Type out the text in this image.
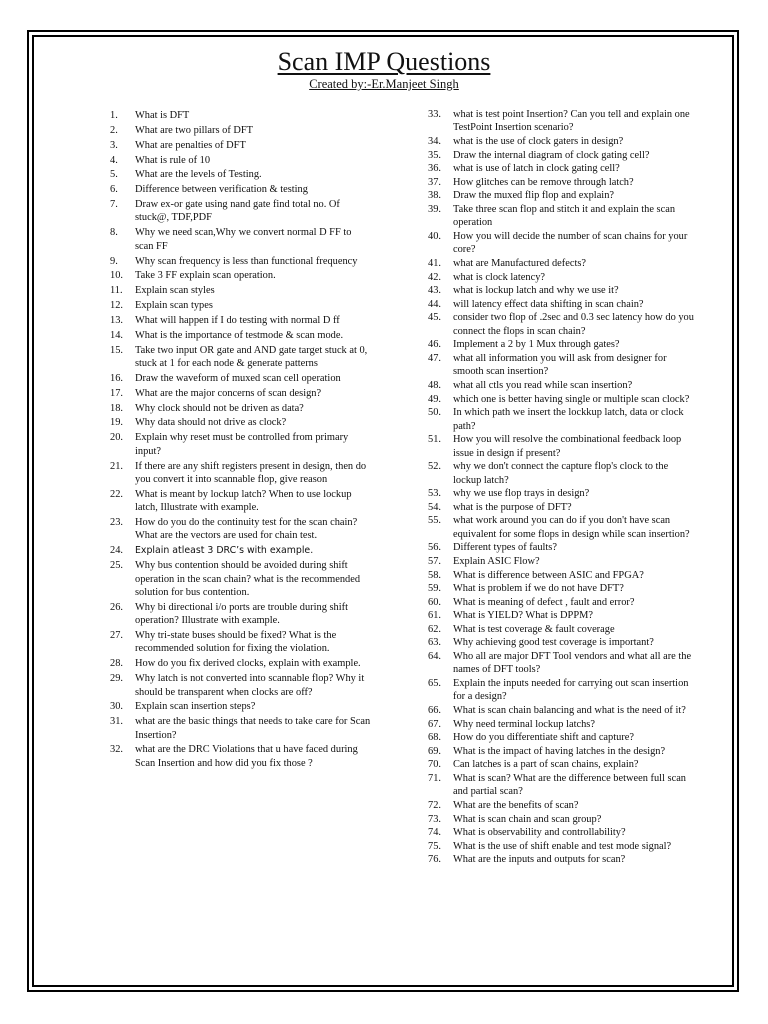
Scan IMP Questions
Created by:-Er.Manjeet Singh
1. What is DFT
2. What are two pillars of DFT
3. What are penalties of DFT
4. What is rule of 10
5. What are the levels of Testing.
6. Difference between verification & testing
7. Draw ex-or gate using nand gate find total no. Of stuck@, TDF,PDF
8. Why we need scan,Why we convert normal D FF to scan FF
9. Why scan frequency is less than functional frequency
10. Take 3 FF explain scan operation.
11. Explain scan styles
12. Explain scan types
13. What will happen if I do testing with normal D ff
14. What is the importance of testmode & scan mode.
15. Take two input OR gate and AND gate target stuck at 0, stuck at 1 for each node & generate patterns
16. Draw the waveform of muxed scan cell operation
17. What are the major concerns of scan design?
18. Why clock should not be driven as data?
19. Why data should not drive as clock?
20. Explain why reset must be controlled from primary input?
21. If there are any shift registers present in design, then do you convert it into scannable flop, give reason
22. What is meant by lockup latch? When to use lockup latch, Illustrate with example.
23. How do you do the continuity test for the scan chain? What are the vectors are used for chain test.
24. Explain atleast 3 DRC’s with example.
25. Why bus contention should be avoided during shift operation in the scan chain? what is the recommended solution for bus contention.
26. Why bi directional i/o ports are trouble during shift operation? Illustrate with example.
27. Why tri-state buses should be fixed? What is the recommended solution for fixing the violation.
28. How do you fix derived clocks, explain with example.
29. Why latch is not converted into scannable flop? Why it should be transparent when clocks are off?
30. Explain scan insertion steps?
31. what are the basic things that needs to take care for Scan Insertion?
32. what are the DRC Violations that u have faced during Scan Insertion and how did you fix those ?
33. what is test point Insertion? Can you tell and explain one TestPoint Insertion scenario?
34. what is the use of clock gaters in design?
35. Draw the internal diagram of clock gating cell?
36. what is use of latch in clock gating cell?
37. How glitches can be remove through latch?
38. Draw the muxed flip flop and explain?
39. Take three scan flop and stitch it and explain the scan operation
40. How you will decide the number of scan chains for your core?
41. what are Manufactured defects?
42. what is clock latency?
43. what is lockup latch and why we use it?
44. will latency effect data shifting in scan chain?
45. consider two flop of .2sec and 0.3 sec latency how do you connect the flops in scan chain?
46. Implement a 2 by 1 Mux through gates?
47. what all information you will ask from designer for smooth scan insertion?
48. what all ctls you read while scan insertion?
49. which one is better having single or multiple scan clock?
50. In which path we insert the lockkup latch, data or clock path?
51. How you will resolve the combinational feedback loop issue in design if present?
52. why we don't connect the capture flop's clock to the lockup latch?
53. why we use flop trays in design?
54. what is the purpose of DFT?
55. what work around you can do if you don't have scan equivalent for some flops in design while scan insertion?
56. Different types of faults?
57. Explain ASIC Flow?
58. What is difference between ASIC and FPGA?
59. What is problem if we do not have DFT?
60. What is meaning of defect , fault and error?
61. What is YIELD? What is DPPM?
62. What is test coverage & fault coverage
63. Why achieving good test coverage is important?
64. Who all are major DFT Tool vendors and what all are the names of DFT tools?
65. Explain the inputs needed for carrying out scan insertion for a design?
66. What is scan chain balancing and what is the need of it?
67. Why need terminal lockup latchs?
68. How do you differentiate shift and capture?
69. What is the impact of having latches in the design?
70. Can latches is a part of scan chains, explain?
71. What is scan? What are the difference between full scan and partial scan?
72. What are the benefits of scan?
73. What is scan chain and scan group?
74. What is observability and controllability?
75. What is the use of shift enable and test mode signal?
76. What are the inputs and outputs for scan?
